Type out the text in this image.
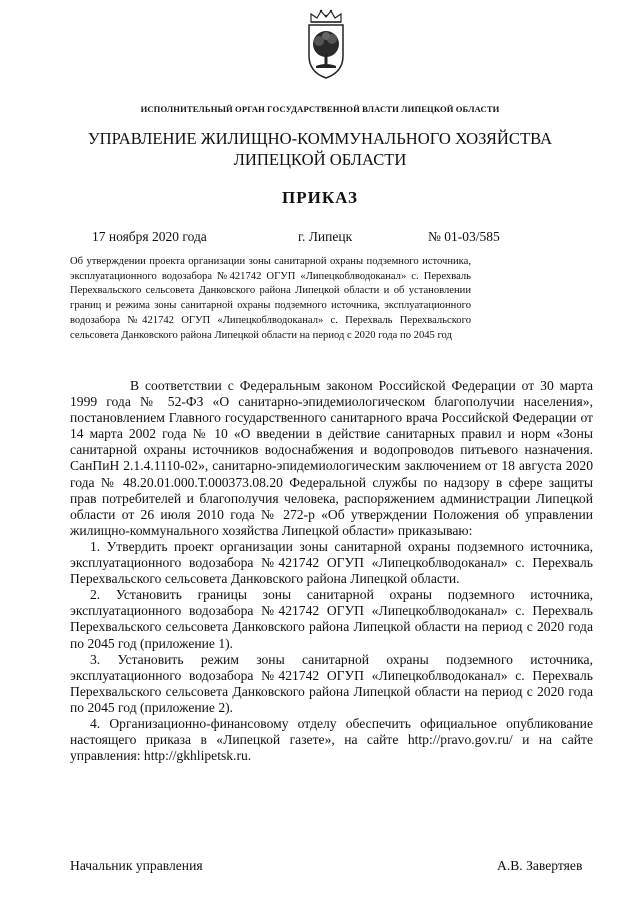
ИСПОЛНИТЕЛЬНЫЙ ОРГАН ГОСУДАРСТВЕННОЙ ВЛАСТИ ЛИПЕЦКОЙ ОБЛАСТИ
УПРАВЛЕНИЕ ЖИЛИЩНО-КОММУНАЛЬНОГО ХОЗЯЙСТВА
ЛИПЕЦКОЙ ОБЛАСТИ
ПРИКАЗ
17 ноября 2020 года	г. Липецк	№ 01-03/585
Об утверждении проекта организации зоны санитарной охраны подземного источника, эксплуатационного водозабора №421742 ОГУП «Липецкоблводоканал» с. Перехваль Перехвальского сельсовета Данковского района Липецкой области и об установлении границ и режима зоны санитарной охраны подземного источника, эксплуатационного водозабора №421742 ОГУП «Липецкоблводоканал» с. Перехваль Перехвальского сельсовета Данковского района Липецкой области на период с 2020 года по 2045 год

В соответствии с Федеральным законом Российской Федерации от 30 марта 1999 года № 52-ФЗ «О санитарно-эпидемиологическом благополучии населения», постановлением Главного государственного санитарного врача Российской Федерации от 14 марта 2002 года № 10 «О введении в действие санитарных правил и норм «Зоны санитарной охраны источников водоснабжения и водопроводов питьевого назначения. СанПиН 2.1.4.1110-02», санитарно-эпидемиологическим заключением от 18 августа 2020 года № 48.20.01.000.Т.000373.08.20 Федеральной службы по надзору в сфере защиты прав потребителей и благополучия человека, распоряжением администрации Липецкой области от 26 июля 2010 года № 272-р «Об утверждении Положения об управлении жилищно-коммунального хозяйства Липецкой области» приказываю:

1. Утвердить проект организации зоны санитарной охраны подземного источника, эксплуатационного водозабора №421742 ОГУП «Липецкоблводоканал» с. Перехваль Перехвальского сельсовета Данковского района Липецкой области.

2. Установить границы зоны санитарной охраны подземного источника, эксплуатационного водозабора №421742 ОГУП «Липецкоблводоканал» с. Перехваль Перехвальского сельсовета Данковского района Липецкой области на период с 2020 года по 2045 год (приложение 1).

3. Установить режим зоны санитарной охраны подземного источника, эксплуатационного водозабора №421742 ОГУП «Липецкоблводоканал» с. Перехваль Перехвальского сельсовета Данковского района Липецкой области на период с 2020 года по 2045 год (приложение 2).

4. Организационно-финансовому отделу обеспечить официальное опубликование настоящего приказа в «Липецкой газете», на сайте http://pravo.gov.ru/ и на сайте управления: http://gkhlipetsk.ru.

Начальник управления	А.В. Завертяев
